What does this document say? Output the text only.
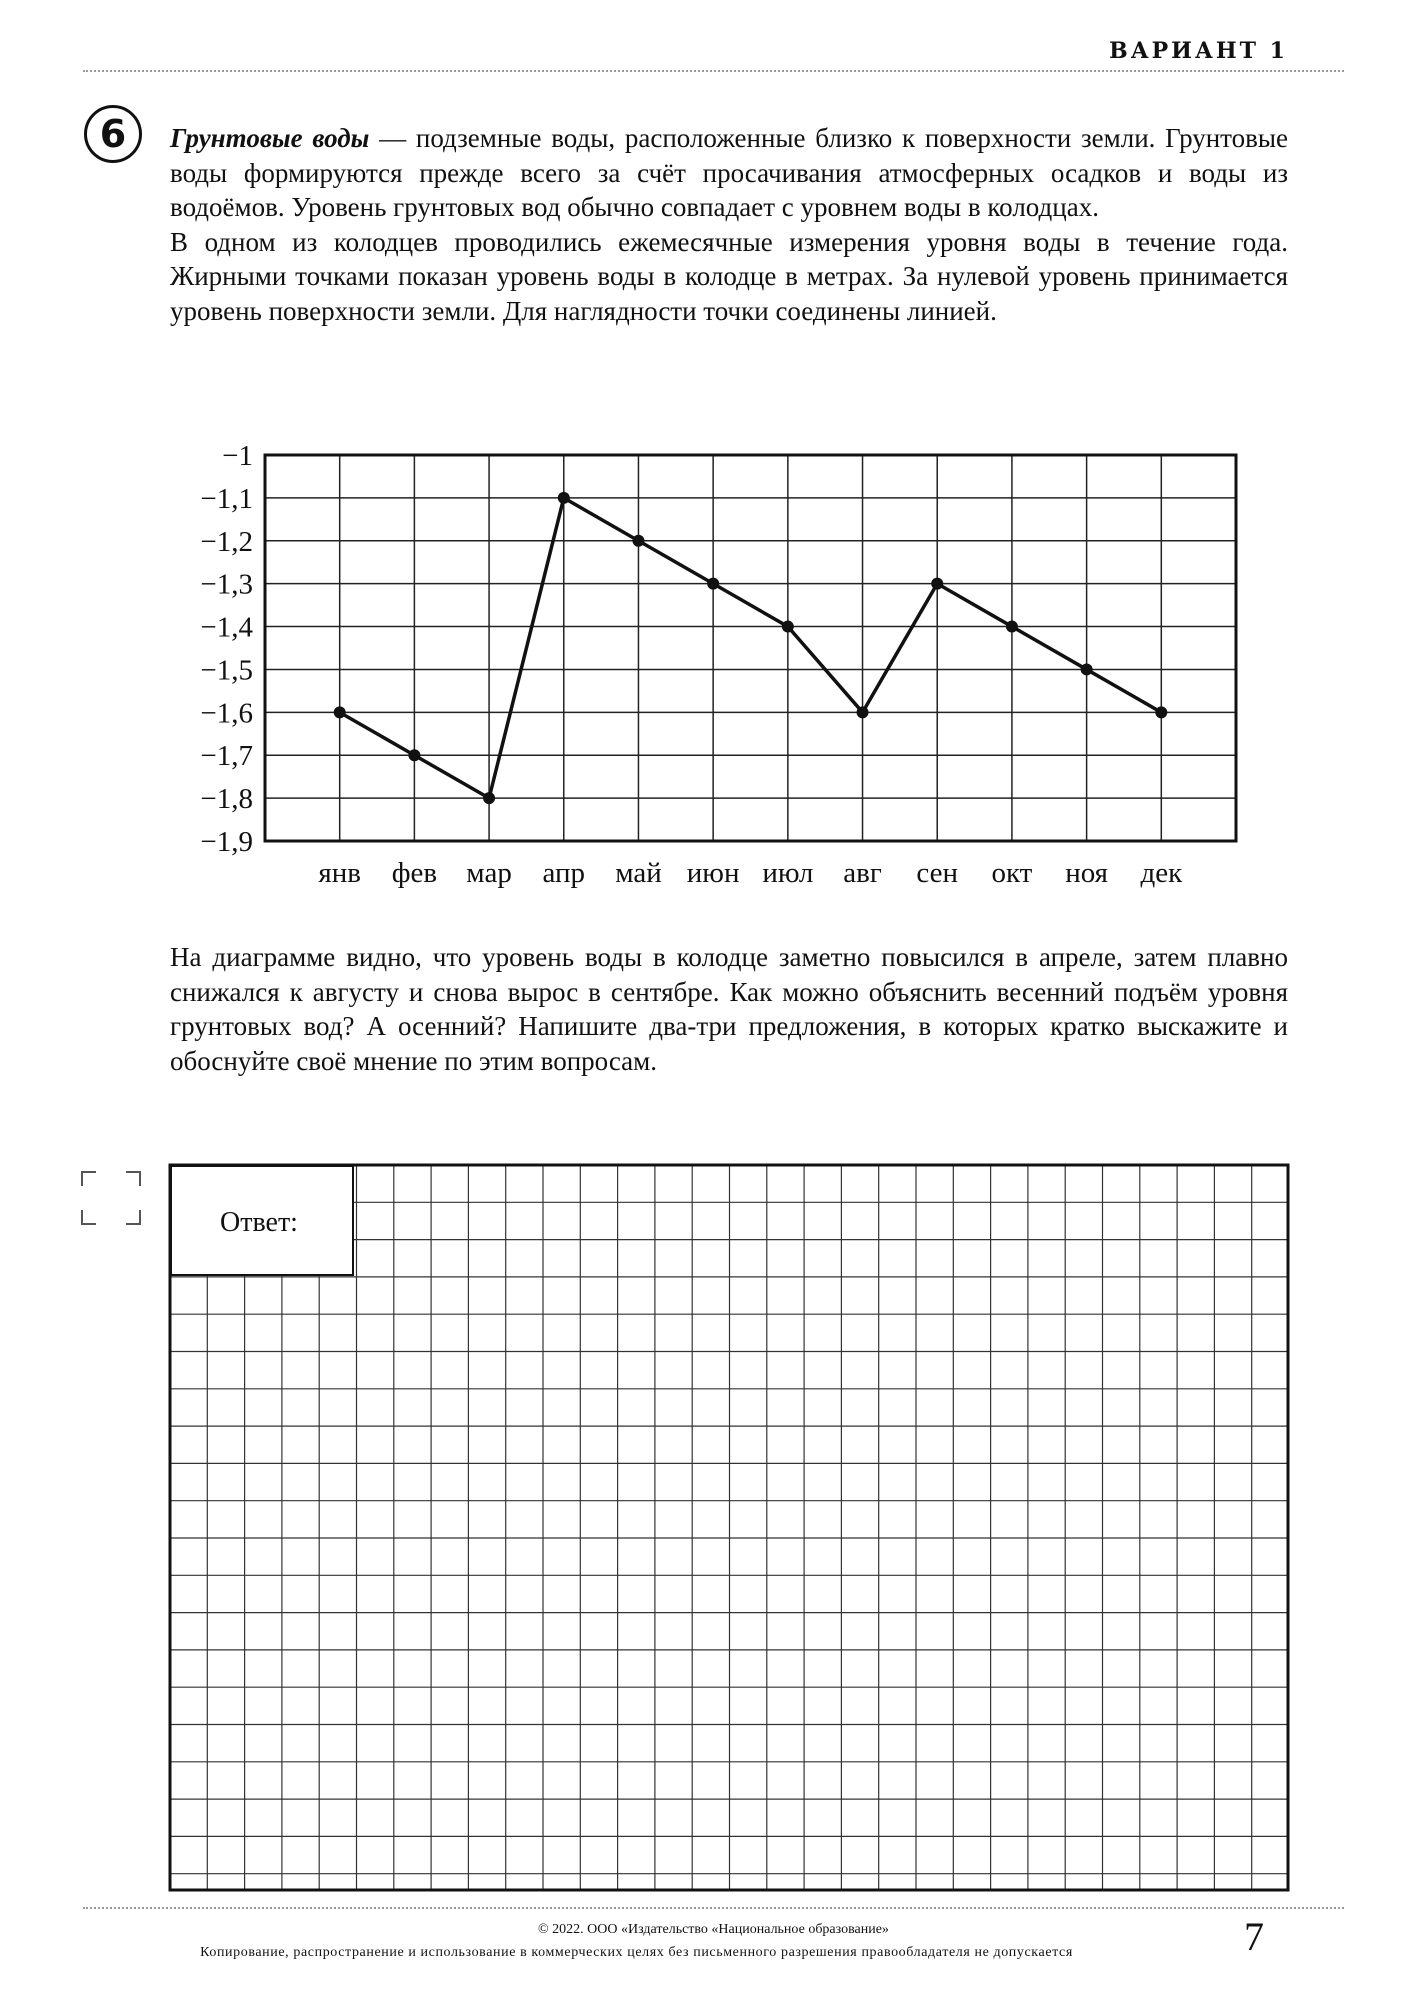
ВАРИАНТ 1
6	Грунтовые воды — подземные воды, расположенные близко к поверхности земли. Грунтовые воды формируются прежде всего за счёт просачивания атмосферных осадков и воды из водоёмов. Уровень грунтовых вод обычно совпадает с уровнем воды в колодцах.

В одном из колодцев проводились ежемесячные измерения уровня воды в течение года. Жирными точками показан уровень воды в колодце в метрах. За нулевой уровень принимается уровень поверхности земли. Для наглядности точки соединены линией.

−1
−1,1
−1,2
−1,3
−1,4
−1,5
−1,6
−1,7
−1,8
−1,9
янв фев мар апр май июн июл авг сен окт ноя дек

На диаграмме видно, что уровень воды в колодце заметно повысился в апреле, затем плавно снижался к августу и снова вырос в сентябре. Как можно объяснить весенний подъём уровня грунтовых вод? А осенний? Напишите два-три предложения, в которых кратко выскажите и обоснуйте своё мнение по этим вопросам.

Ответ:
© 2022. ООО «Издательство «Национальное образование»
Копирование, распространение и использование в коммерческих целях без письменного разрешения правообладателя не допускается	7
